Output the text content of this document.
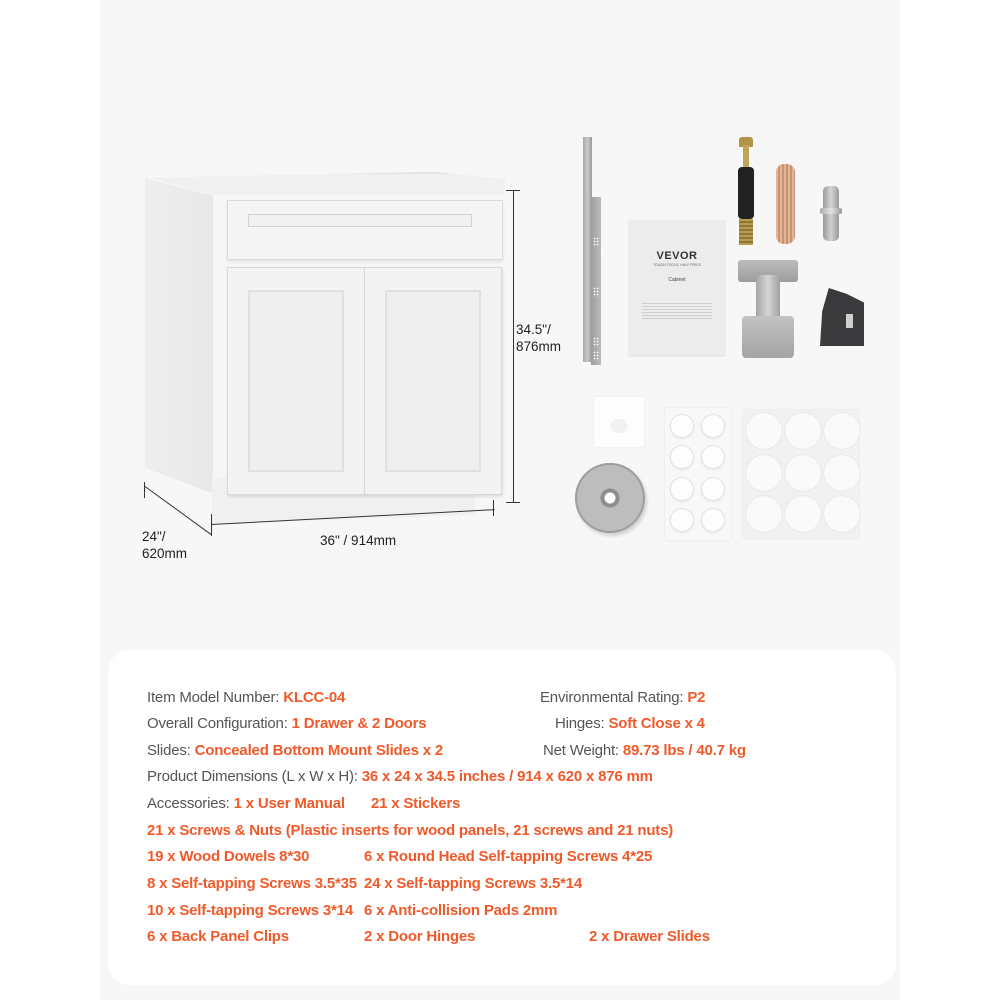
34.5"/
876mm
36" / 914mm
24"/
620mm
VEVOR
TOUGH TOOLS, HALF PRICE
Cabinet
Item Model Number: KLCC-04	Environmental Rating: P2
Overall Configuration: 1 Drawer & 2 Doors	Hinges: Soft Close x 4
Slides: Concealed Bottom Mount Slides x 2	Net Weight: 89.73 lbs / 40.7 kg
Product Dimensions (L x W x H): 36 x 24 x 34.5 inches / 914 x 620 x 876 mm
Accessories: 1 x User Manual 21 x Stickers
21 x Screws & Nuts (Plastic inserts for wood panels, 21 screws and 21 nuts)
19 x Wood Dowels 8*30	6 x Round Head Self-tapping Screws 4*25
8 x Self-tapping Screws 3.5*35 24 x Self-tapping Screws 3.5*14
10 x Self-tapping Screws 3*14 6 x Anti-collision Pads 2mm
6 x Back Panel Clips	2 x Door Hinges	2 x Drawer Slides
